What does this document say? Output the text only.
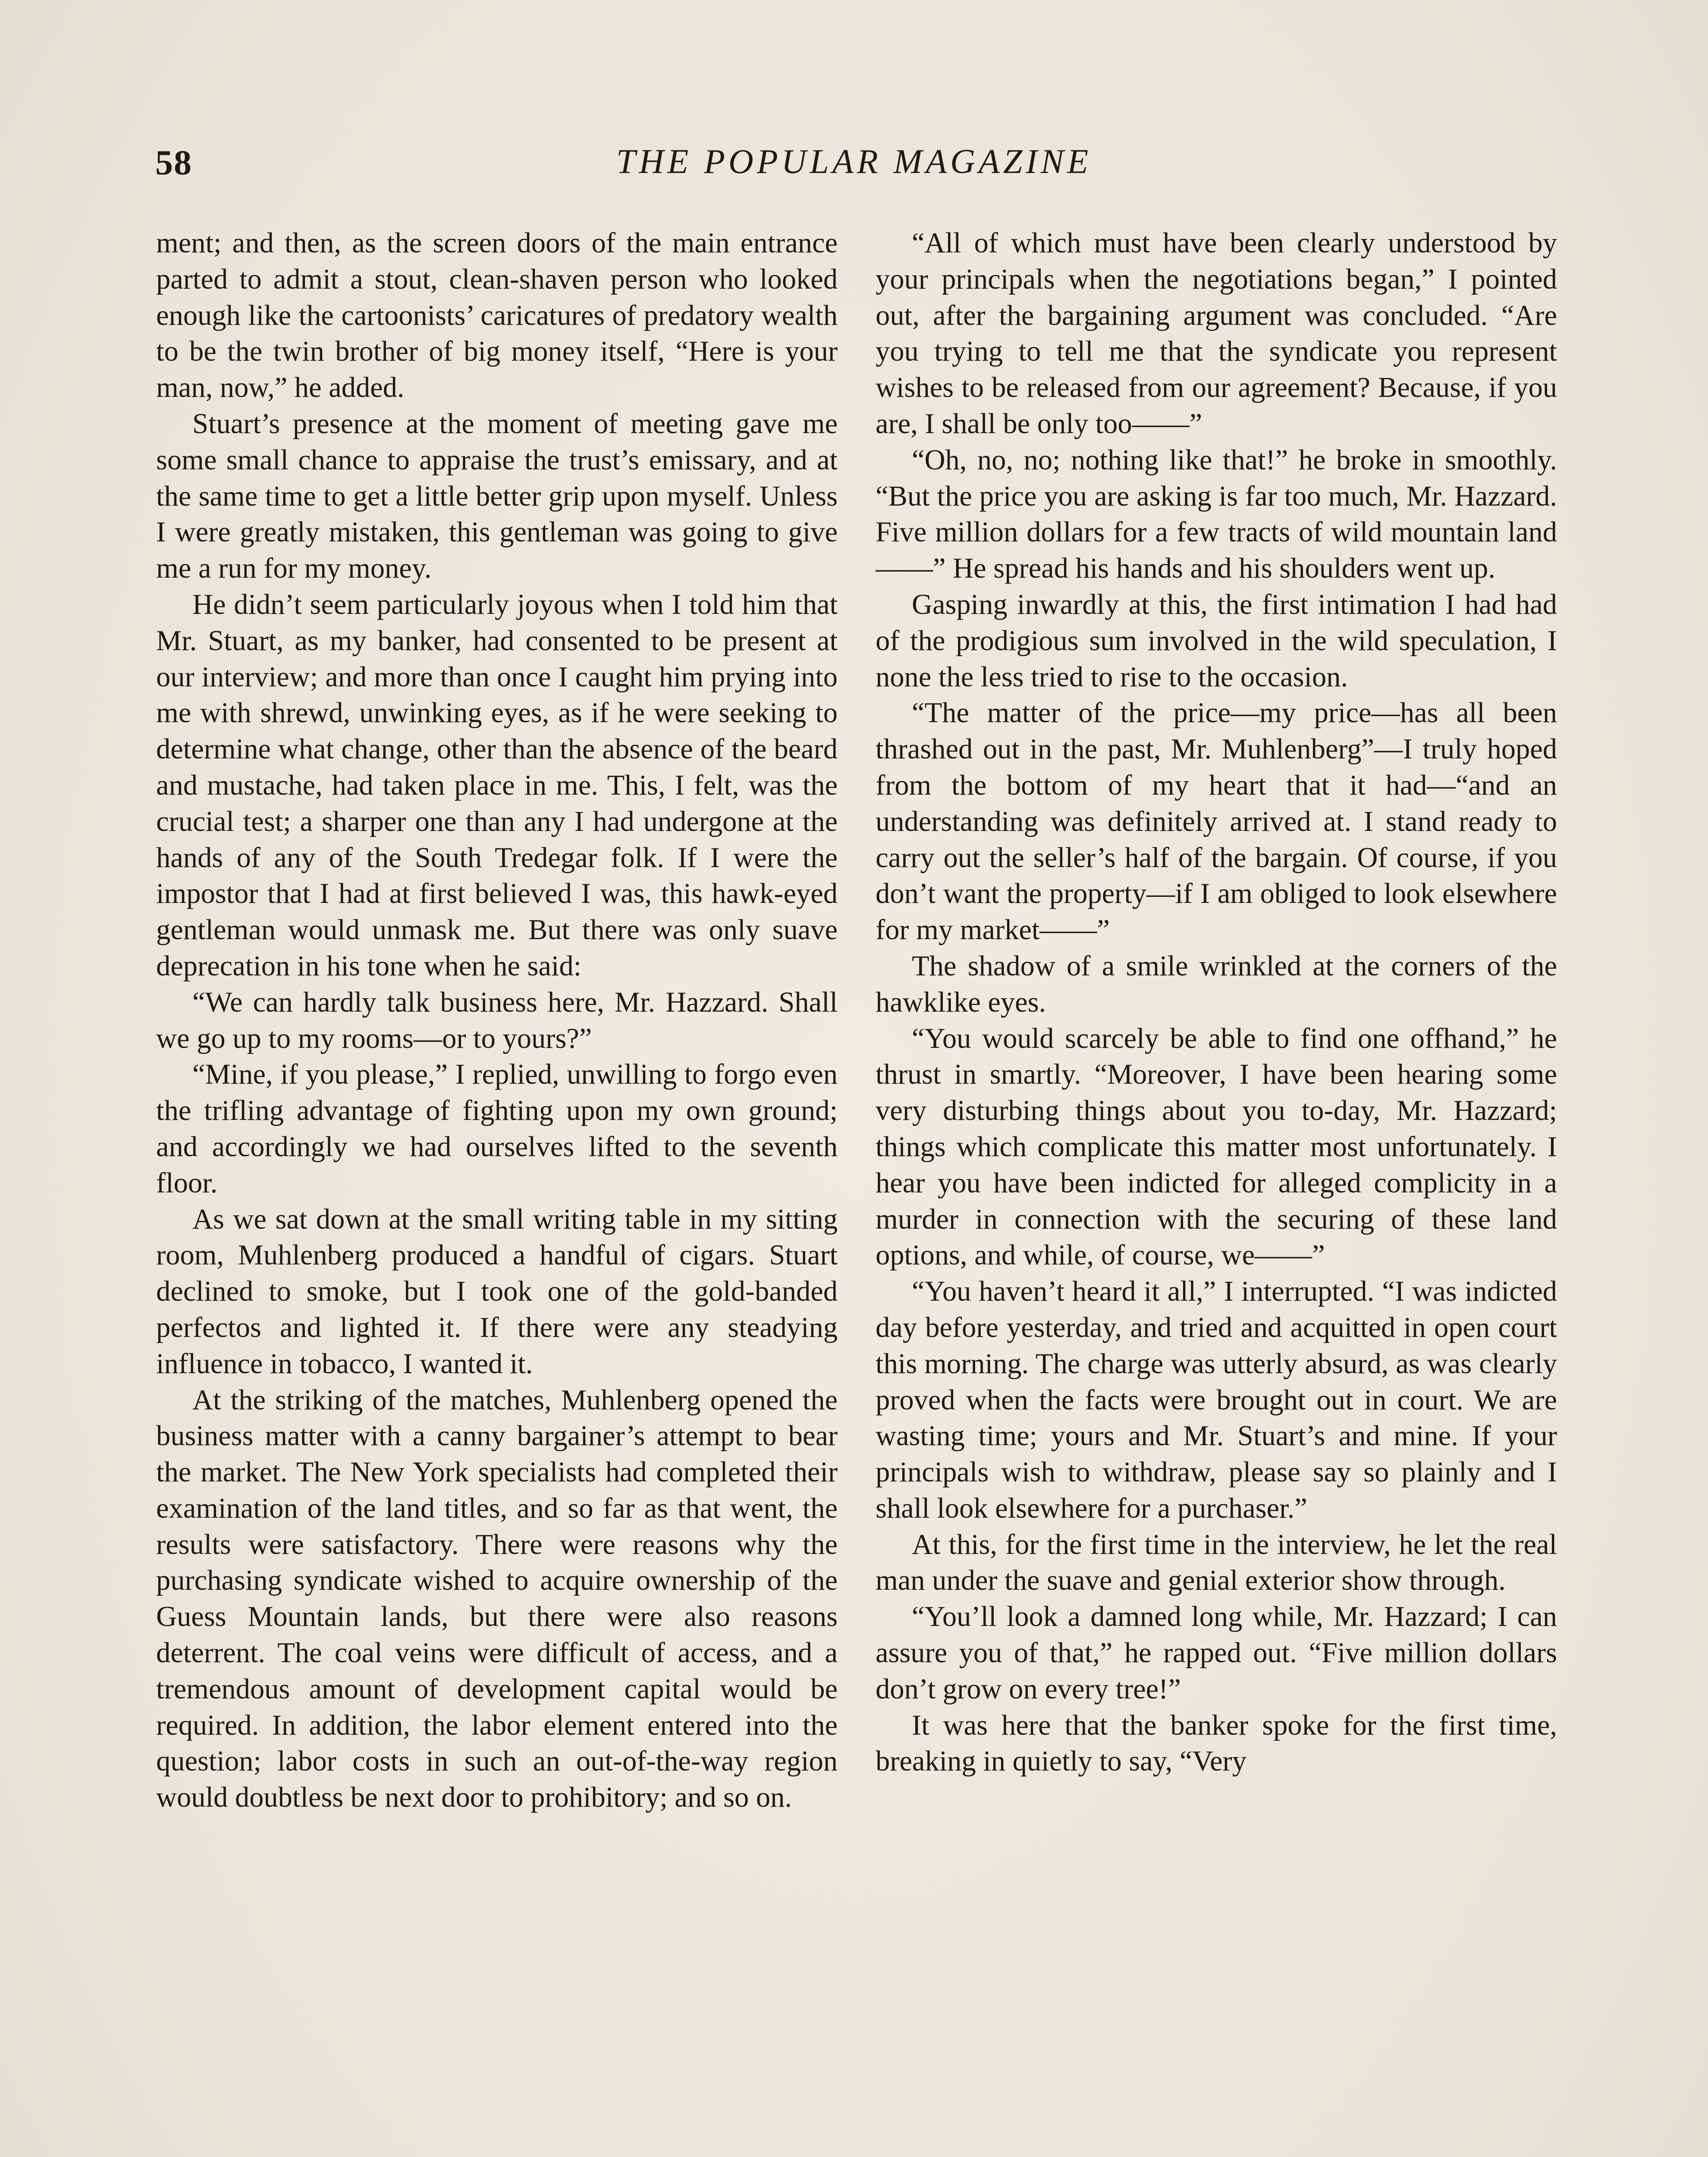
58	THE POPULAR MAGAZINE

ment; and then, as the screen doors of the main entrance parted to admit a stout, clean-shaven person who looked enough like the cartoonists’ caricatures of predatory wealth to be the twin brother of big money itself, “Here is your man, now,” he added.

Stuart’s presence at the moment of meeting gave me some small chance to appraise the trust’s emissary, and at the same time to get a little better grip upon myself. Unless I were greatly mistaken, this gentleman was going to give me a run for my money.

He didn’t seem particularly joyous when I told him that Mr. Stuart, as my banker, had consented to be present at our interview; and more than once I caught him prying into me with shrewd, unwinking eyes, as if he were seeking to determine what change, other than the absence of the beard and mustache, had taken place in me. This, I felt, was the crucial test; a sharper one than any I had undergone at the hands of any of the South Tredegar folk. If I were the impostor that I had at first believed I was, this hawk-eyed gentleman would unmask me. But there was only suave deprecation in his tone when he said:

“We can hardly talk business here, Mr. Hazzard. Shall we go up to my rooms—or to yours?”

“Mine, if you please,” I replied, unwilling to forgo even the trifling advantage of fighting upon my own ground; and accordingly we had ourselves lifted to the seventh floor.

As we sat down at the small writing table in my sitting room, Muhlenberg produced a handful of cigars. Stuart declined to smoke, but I took one of the gold-banded perfectos and lighted it. If there were any steadying influence in tobacco, I wanted it.

At the striking of the matches, Muhlenberg opened the business matter with a canny bargainer’s attempt to bear the market. The New York specialists had completed their examination of the land titles, and so far as that went, the results were satisfactory. There were reasons why the purchasing syndicate wished to acquire ownership of the Guess Mountain lands, but there were also reasons deterrent. The coal veins were difficult of access, and a tremendous amount of development capital would be required. In addition, the labor element entered into the question; labor costs in such an out-of-the-way region would doubtless be next door to prohibitory; and so on.

“All of which must have been clearly understood by your principals when the negotiations began,” I pointed out, after the bargaining argument was concluded. “Are you trying to tell me that the syndicate you represent wishes to be released from our agreement? Because, if you are, I shall be only too——”

“Oh, no, no; nothing like that!” he broke in smoothly. “But the price you are asking is far too much, Mr. Hazzard. Five million dollars for a few tracts of wild mountain land——” He spread his hands and his shoulders went up.

Gasping inwardly at this, the first intimation I had had of the prodigious sum involved in the wild speculation, I none the less tried to rise to the occasion.

“The matter of the price—my price—has all been thrashed out in the past, Mr. Muhlenberg”—I truly hoped from the bottom of my heart that it had—“and an understanding was definitely arrived at. I stand ready to carry out the seller’s half of the bargain. Of course, if you don’t want the property—if I am obliged to look elsewhere for my market——”

The shadow of a smile wrinkled at the corners of the hawklike eyes.

“You would scarcely be able to find one offhand,” he thrust in smartly. “Moreover, I have been hearing some very disturbing things about you to-day, Mr. Hazzard; things which complicate this matter most unfortunately. I hear you have been indicted for alleged complicity in a murder in connection with the securing of these land options, and while, of course, we——”

“You haven’t heard it all,” I interrupted. “I was indicted day before yesterday, and tried and acquitted in open court this morning. The charge was utterly absurd, as was clearly proved when the facts were brought out in court. We are wasting time; yours and Mr. Stuart’s and mine. If your principals wish to withdraw, please say so plainly and I shall look elsewhere for a purchaser.”

At this, for the first time in the interview, he let the real man under the suave and genial exterior show through.

“You’ll look a damned long while, Mr. Hazzard; I can assure you of that,” he rapped out. “Five million dollars don’t grow on every tree!”

It was here that the banker spoke for the first time, breaking in quietly to say, “Very
